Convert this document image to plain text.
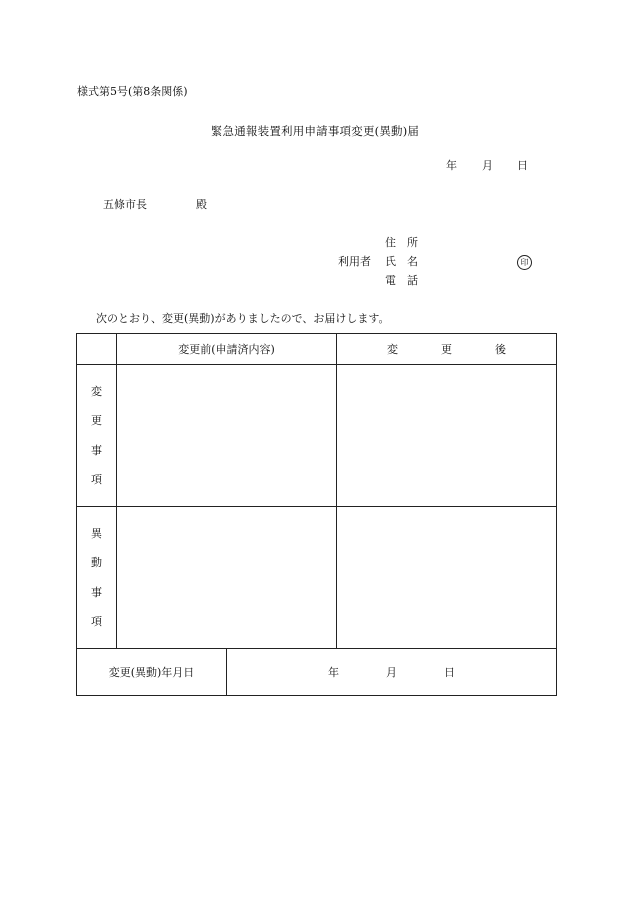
様式第5号(第8条関係)
緊急通報装置利用申請事項変更(異動)届
年 月 日
五條市長	殿
住　所
利用者 氏　名
電　話
印
次のとおり、変更(異動)がありましたので、お届けします。
	変更前(申請済内容)		変 更 後

変
更
事
項			

異
動
事
項			

変更(異動)年月日		年 月 日	
